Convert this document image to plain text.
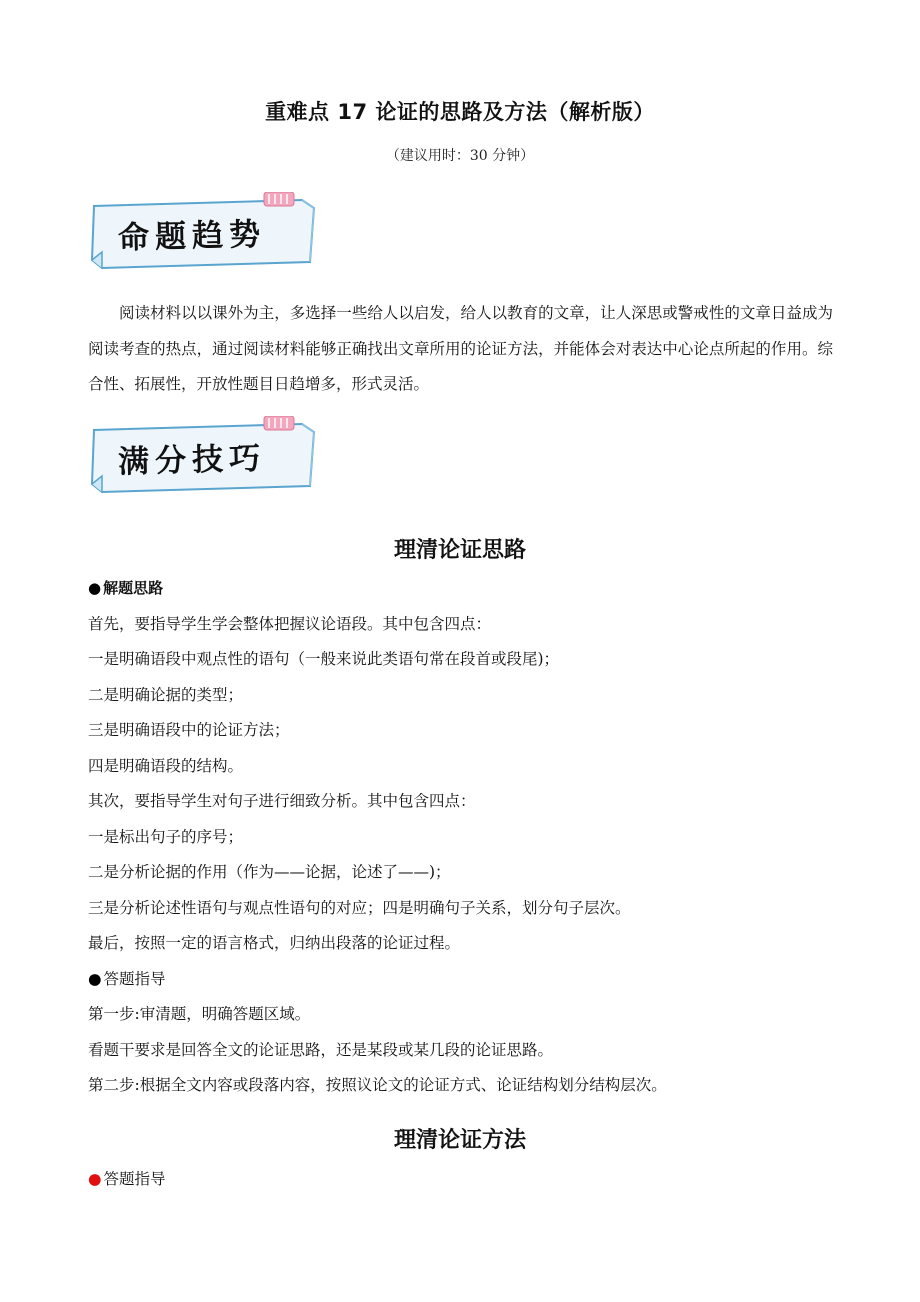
重难点 17 论证的思路及方法（解析版）
（建议用时：30 分钟）
命题趋势
阅读材料以以课外为主，多选择一些给人以启发，给人以教育的文章，让人深思或警戒性的文章日益成为阅读考查的热点，通过阅读材料能够正确找出文章所用的论证方法，并能体会对表达中心论点所起的作用。综合性、拓展性，开放性题目日趋增多，形式灵活。
满分技巧
理清论证思路
● 解题思路
首先，要指导学生学会整体把握议论语段。其中包含四点：
一是明确语段中观点性的语句（一般来说此类语句常在段首或段尾)；
二是明确论据的类型；
三是明确语段中的论证方法；
四是明确语段的结构。
其次，要指导学生对句子进行细致分析。其中包含四点：
一是标出句子的序号；
二是分析论据的作用（作为——论据，论述了——)；
三是分析论述性语句与观点性语句的对应；四是明确句子关系，划分句子层次。
最后，按照一定的语言格式，归纳出段落的论证过程。
● 答题指导
第一步:审清题，明确答题区域。
看题干要求是回答全文的论证思路，还是某段或某几段的论证思路。
第二步:根据全文内容或段落内容，按照议论文的论证方式、论证结构划分结构层次。
理清论证方法
● 答题指导
